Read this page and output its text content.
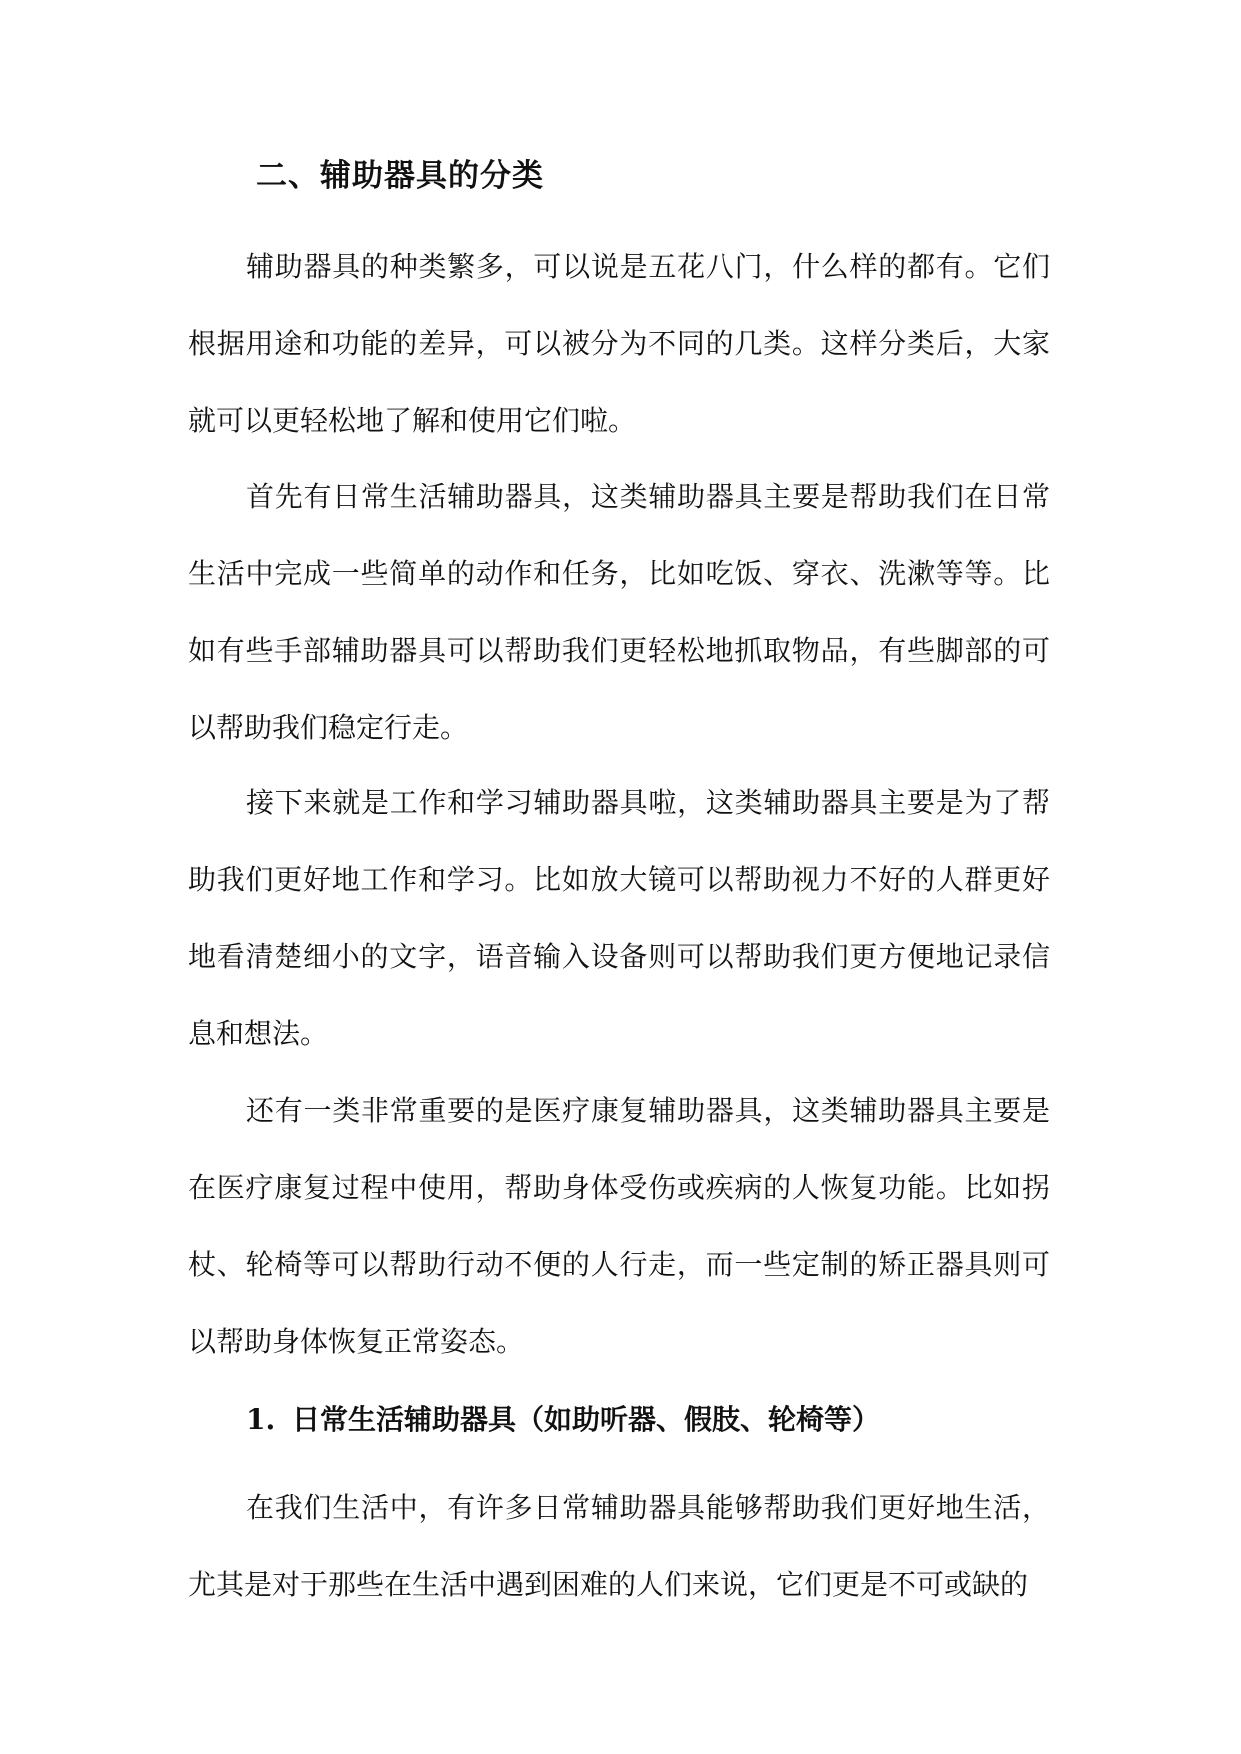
二、辅助器具的分类

辅助器具的种类繁多，可以说是五花八门，什么样的都有。它们根据用途和功能的差异，可以被分为不同的几类。这样分类后，大家就可以更轻松地了解和使用它们啦。

首先有日常生活辅助器具，这类辅助器具主要是帮助我们在日常生活中完成一些简单的动作和任务，比如吃饭、穿衣、洗漱等等。比如有些手部辅助器具可以帮助我们更轻松地抓取物品，有些脚部的可以帮助我们稳定行走。

接下来就是工作和学习辅助器具啦，这类辅助器具主要是为了帮助我们更好地工作和学习。比如放大镜可以帮助视力不好的人群更好地看清楚细小的文字，语音输入设备则可以帮助我们更方便地记录信息和想法。

还有一类非常重要的是医疗康复辅助器具，这类辅助器具主要是在医疗康复过程中使用，帮助身体受伤或疾病的人恢复功能。比如拐杖、轮椅等可以帮助行动不便的人行走，而一些定制的矫正器具则可以帮助身体恢复正常姿态。

1. 日常生活辅助器具（如助听器、假肢、轮椅等）

在我们生活中，有许多日常辅助器具能够帮助我们更好地生活，尤其是对于那些在生活中遇到困难的人们来说，它们更是不可或缺的
